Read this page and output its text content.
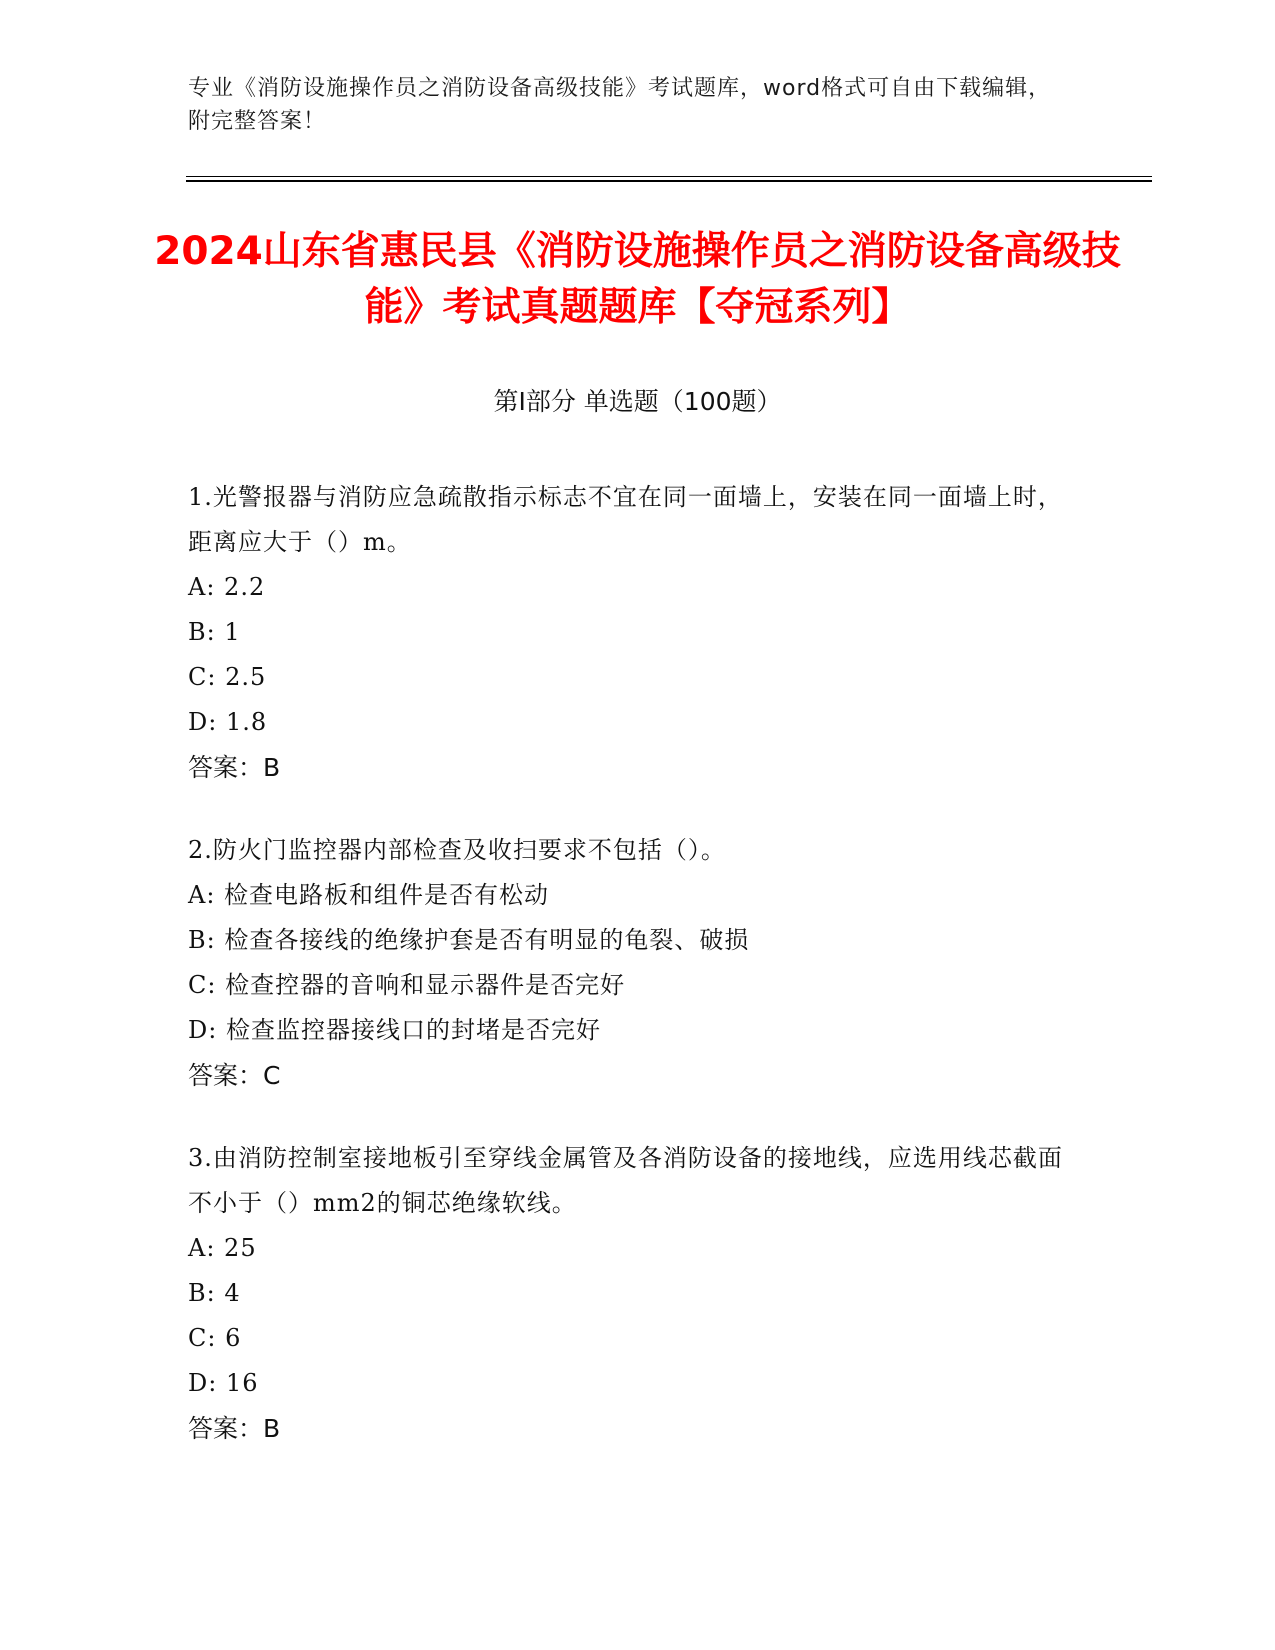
专业《消防设施操作员之消防设备高级技能》考试题库，word格式可自由下载编辑，附完整答案！
2024山东省惠民县《消防设施操作员之消防设备高级技能》考试真题题库【夺冠系列】
第I部分 单选题（100题）
1.光警报器与消防应急疏散指示标志不宜在同一面墙上，安装在同一面墙上时，距离应大于（）m。
A: 2.2
B: 1
C: 2.5
D: 1.8
答案：B
2.防火门监控器内部检查及收扫要求不包括（）。
A: 检查电路板和组件是否有松动
B: 检查各接线的绝缘护套是否有明显的龟裂、破损
C: 检查控器的音响和显示器件是否完好
D: 检查监控器接线口的封堵是否完好
答案：C
3.由消防控制室接地板引至穿线金属管及各消防设备的接地线，应选用线芯截面不小于（）mm2的铜芯绝缘软线。
A: 25
B: 4
C: 6
D: 16
答案：B
